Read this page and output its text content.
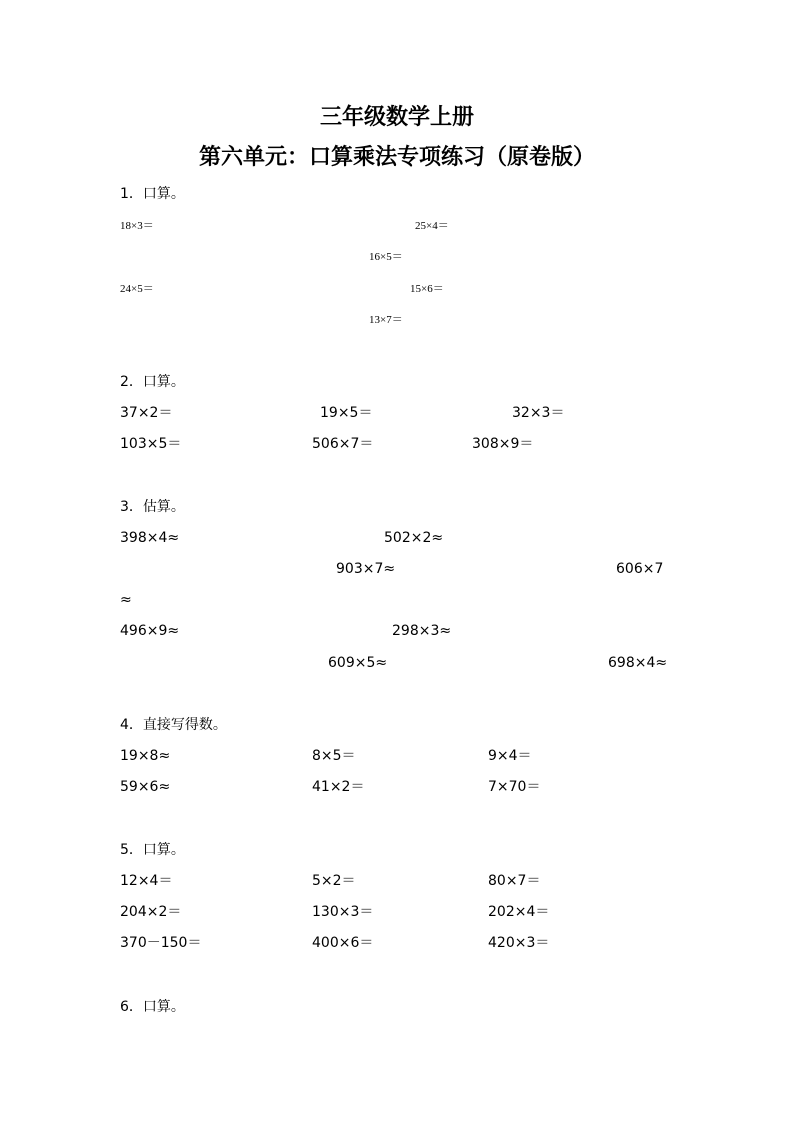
三年级数学上册
第六单元：口算乘法专项练习（原卷版）
1．口算。
18×3＝	25×4＝
16×5＝
24×5＝	15×6＝
13×7＝
2．口算。
37×2＝	19×5＝	32×3＝
103×5＝	506×7＝	308×9＝
3．估算。
398×4≈	502×2≈
903×7≈	606×7
≈
496×9≈	298×3≈
609×5≈	698×4≈
4．直接写得数。
19×8≈	8×5＝	9×4＝
59×6≈	41×2＝	7×70＝
5．口算。
12×4＝	5×2＝	80×7＝
204×2＝	130×3＝	202×4＝
370－150＝	400×6＝	420×3＝
6．口算。
